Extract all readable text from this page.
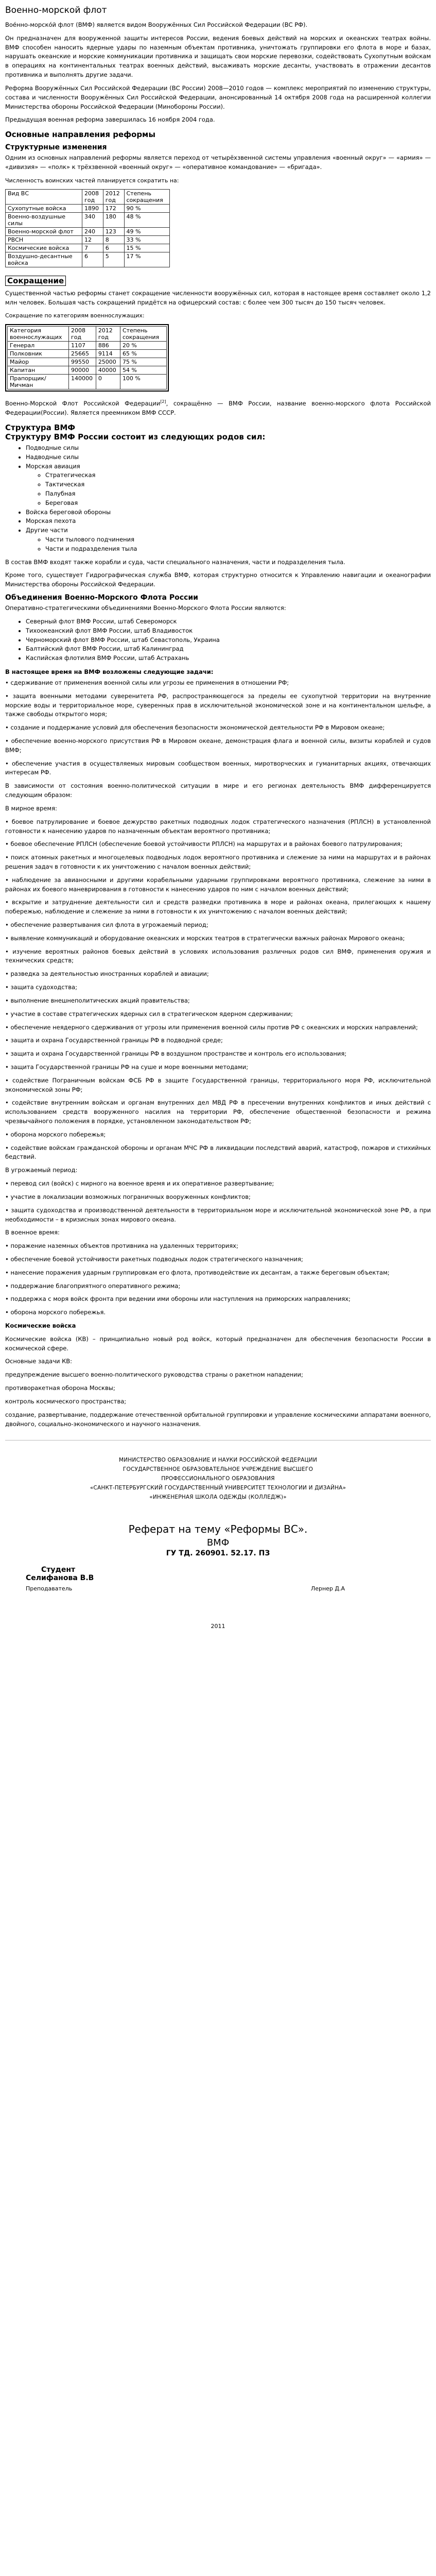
Военно-морской флот

Вое́нно-морско́й флот (ВМФ) является видом Вооружённых Сил Российской Федерации (ВС РФ).

Он предназначен для вооруженной защиты интересов России, ведения боевых действий на морских и океанских театрах войны. ВМФ способен наносить ядерные удары по наземным объектам противника, уничтожать группировки его флота в море и базах, нарушать океанские и морские коммуникации противника и защищать свои морские перевозки, содействовать Сухопутным войскам в операциях на континентальных театрах военных действий, высаживать морские десанты, участвовать в отражении десантов противника и выполнять другие задачи.

Реформа Вооружённых Сил Российской Федерации (ВС России) 2008—2010 годов — комплекс мероприятий по изменению структуры, состава и численности Вооружённых Сил Российской Федерации, анонсированный 14 октября 2008 года на расширенной коллегии Министерства обороны Российской Федерации (Минобороны России).

Предыдущая военная реформа завершилась 16 ноября 2004 года.

Основные направления реформы
Структурные изменения

Одним из основных направлений реформы является переход от четырёхзвенной системы управления «военный округ» — «армия» — «дивизия» — «полк» к трёхзвенной «военный округ» — «оперативное командование» — «бригада».

Численность воинских частей планируется сократить на:

Вид ВС	2008 год	2012 год	Степень сокращения
Сухопутные войска	1890	172	90 %
Военно-воздушные силы	340	180	48 %
Военно-морской флот	240	123	49 %
РВСН	12	8	33 %
Космические войска	7	6	15 %
Воздушно-десантные войска	6	5	17 %
Сокращение

Существенной частью реформы станет сокращение численности вооружённых сил, которая в настоящее время составляет около 1,2 млн человек. Большая часть сокращений придётся на офицерский состав: с более чем 300 тысяч до 150 тысяч человек.

Сокращение по категориям военнослужащих:

Категория военнослужащих	2008 год	2012 год	Степень сокращения
Генерал	1107	886	20 %
Полковник	25665	9114	65 %
Майор	99550	25000	75 %
Капитан	90000	40000	54 %
Прапорщик/Мичман	140000	0	100 %

Военно-Морской Флот Российской Федерации[2], сокращённо — ВМФ России, название военно-морского флота Российской Федерации(России). Является преемником ВМФ СССР.

Структура ВМФ
Структуру ВМФ России состоит из следующих родов сил:
• Подводные силы
• Надводные силы
• Морская авиация
◦ Стратегическая
◦ Тактическая
◦ Палубная
◦ Береговая
• Войска береговой обороны
• Морская пехота
• Другие части
◦ Части тылового подчинения
◦ Части и подразделения тыла

В состав ВМФ входят также корабли и суда, части специального назначения, части и подразделения тыла.

Кроме того, существует Гидрографическая служба ВМФ, которая структурно относится к Управлению навигации и океанографии Министерства обороны Российской Федерации.

Объединения Военно-Морского Флота России

Оперативно-стратегическими объединениями Военно-Морского Флота России являются:

• Северный флот ВМФ России, штаб Североморск
• Тихоокеанский флот ВМФ России, штаб Владивосток
• Черноморский флот ВМФ России, штаб Севастополь, Украина
• Балтийский флот ВМФ России, штаб Калининград
• Каспийская флотилия ВМФ России, штаб Астрахань
В настоящее время на ВМФ возложены следующие задачи:

• сдерживание от применения военной силы или угрозы ее применения в отношении РФ;

• защита военными методами суверенитета РФ, распространяющегося за пределы ее сухопутной территории на внутренние морские воды и территориальное море, суверенных прав в исключительной экономической зоне и на континентальном шельфе, а также свободы открытого моря;

• создание и поддержание условий для обеспечения безопасности экономической деятельности РФ в Мировом океане;

• обеспечение военно-морского присутствия РФ в Мировом океане, демонстрация флага и военной силы, визиты кораблей и судов ВМФ;

• обеспечение участия в осуществляемых мировым сообществом военных, миротворческих и гуманитарных акциях, отвечающих интересам РФ.

В зависимости от состояния военно-политической ситуации в мире и его регионах деятельность ВМФ дифференцируется следующим образом:

В мирное время:

• боевое патрулирование и боевое дежурство ракетных подводных лодок стратегического назначения (РПЛСН) в установленной готовности к нанесению ударов по назначенным объектам вероятного противника;

• боевое обеспечение РПЛСН (обеспечение боевой устойчивости РПЛСН) на маршрутах и в районах боевого патрулирования;

• поиск атомных ракетных и многоцелевых подводных лодок вероятного противника и слежение за ними на маршрутах и в районах решения задач в готовности к их уничтожению с началом военных действий;

• наблюдение за авианосными и другими корабельными ударными группировками вероятного противника, слежение за ними в районах их боевого маневрирования в готовности к нанесению ударов по ним с началом военных действий;

• вскрытие и затруднение деятельности сил и средств разведки противника в море и районах океана, прилегающих к нашему побережью, наблюдение и слежение за ними в готовности к их уничтожению с началом военных действий;

• обеспечение развертывания сил флота в угрожаемый период;

• выявление коммуникаций и оборудование океанских и морских театров в стратегически важных районах Мирового океана;

• изучение вероятных районов боевых действий в условиях использования различных родов сил ВМФ, применения оружия и технических средств;

• разведка за деятельностью иностранных кораблей и авиации;

• защита судоходства;

• выполнение внешнеполитических акций правительства;

• участие в составе стратегических ядерных сил в стратегическом ядерном сдерживании;

• обеспечение неядерного сдерживания от угрозы или применения военной силы против РФ с океанских и морских направлений;

• защита и охрана Государственной границы РФ в подводной среде;

• защита и охрана Государственной границы РФ в воздушном пространстве и контроль его использования;

• защита Государственной границы РФ на суше и море военными методами;

• содействие Пограничным войскам ФСБ РФ в защите Государственной границы, территориального моря РФ, исключительной экономической зоны РФ;

• содействие внутренним войскам и органам внутренних дел МВД РФ в пресечении внутренних конфликтов и иных действий с использованием средств вооруженного насилия на территории РФ, обеспечение общественной безопасности и режима чрезвычайного положения в порядке, установленном законодательством РФ;

• оборона морского побережья;

• содействие войскам гражданской обороны и органам МЧС РФ в ликвидации последствий аварий, катастроф, пожаров и стихийных бедствий.

В угрожаемый период:

• перевод сил (войск) с мирного на военное время и их оперативное развертывание;

• участие в локализации возможных пограничных вооруженных конфликтов;

• защита судоходства и производственной деятельности в территориальном море и исключительной экономической зоне РФ, а при необходимости – в кризисных зонах мирового океана.

В военное время:

• поражение наземных объектов противника на удаленных территориях;

• обеспечение боевой устойчивости ракетных подводных лодок стратегического назначения;

• нанесение поражения ударным группировкам его флота, противодействие их десантам, а также береговым объектам;

• поддержание благоприятного оперативного режима;

• поддержка с моря войск фронта при ведении ими обороны или наступления на приморских направлениях;

• оборона морского побережья.

Космические войска

Космические войска (КВ) – принципиально новый род войск, который предназначен для обеспечения безопасности России в космической сфере.

Основные задачи КВ:

предупреждение высшего военно-политического руководства страны о ракетном нападении;

противоракетная оборона Москвы;

контроль космического пространства;

создание, развертывание, поддержание отечественной орбитальной группировки и управление космическими аппаратами военного, двойного, социально-экономического и научного назначения.

МИНИСТЕРСТВО ОБРАЗОВАНИЕ И НАУКИ РОССИЙСКОЙ ФЕДЕРАЦИИ
ГОСУДАРСТВЕННОЕ ОБРАЗОВАТЕЛЬНОЕ УЧРЕЖДЕНИЕ ВЫСШЕГО
ПРОФЕССИОНАЛЬНОГО ОБРАЗОВАНИЯ
«САНКТ-ПЕТЕРБУРГСКИЙ ГОСУДАРСТВЕННЫЙ УНИВЕРСИТЕТ ТЕХНОЛОГИИ И ДИЗАЙНА»
«ИНЖЕНЕРНАЯ ШКОЛА ОДЕЖДЫ (КОЛЛЕДЖ)»
Реферат на тему «Реформы ВС».
ВМФ
ГУ ТД. 260901. 52.17. ПЗ
Студент
Селифанова В.В
Преподаватель	Лернер Д.А
2011
